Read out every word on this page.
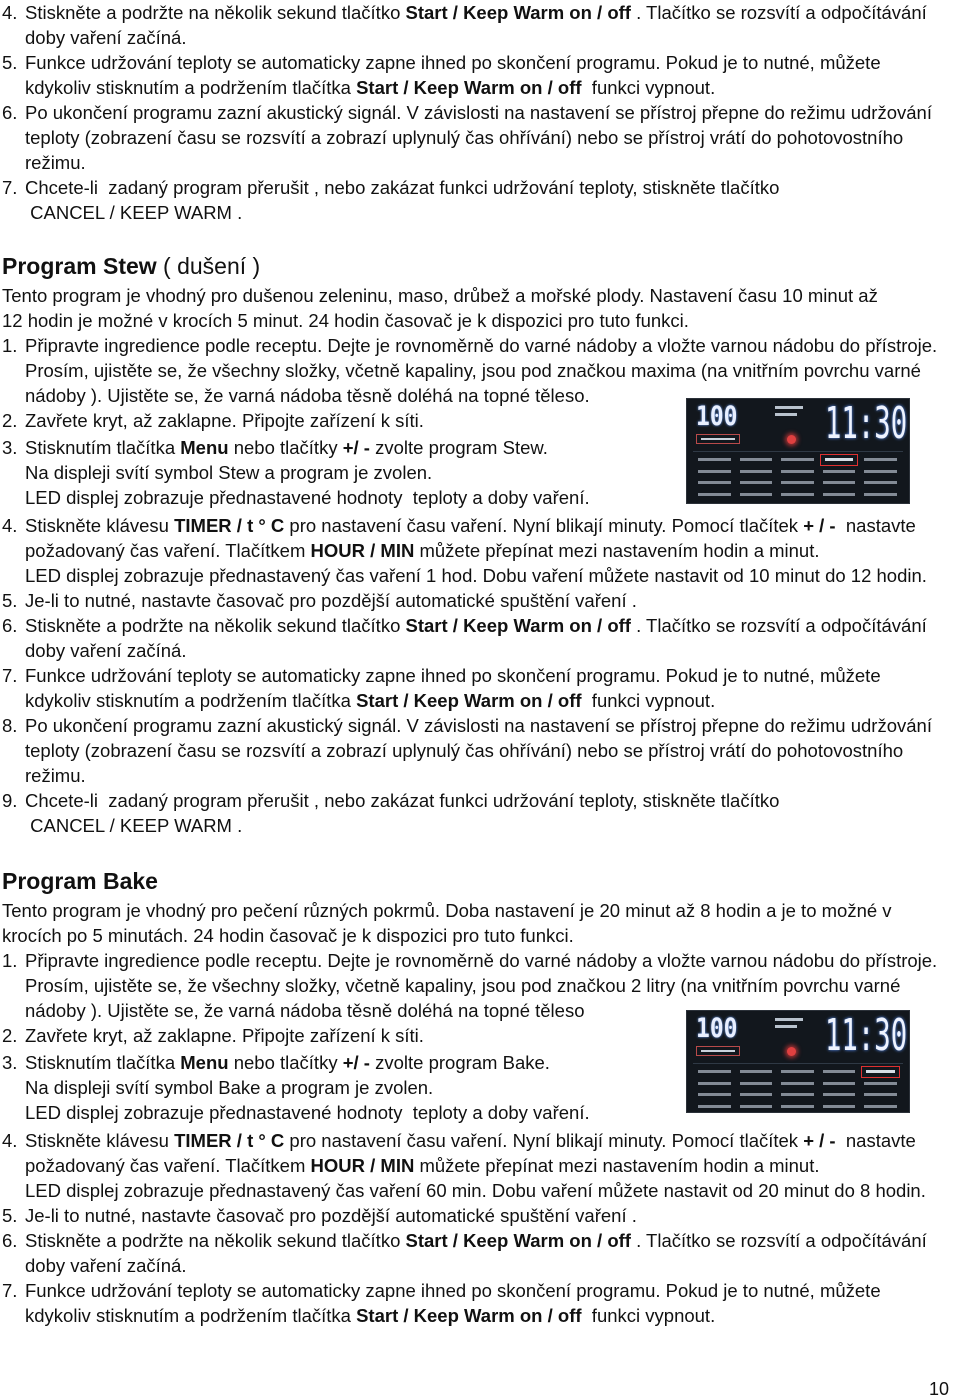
4. Stiskněte a podržte na několik sekund tlačítko Start / Keep Warm on / off . Tlačítko se rozsvítí a odpočítávání
doby vaření začíná.
5. Funkce udržování teploty se automaticky zapne ihned po skončení programu. Pokud je to nutné, můžete
kdykoliv stisknutím a podržením tlačítka Start / Keep Warm on / off  funkci vypnout.
6. Po ukončení programu zazní akustický signál. V závislosti na nastavení se přístroj přepne do režimu udržování
teploty (zobrazení času se rozsvítí a zobrazí uplynulý čas ohřívání) nebo se přístroj vrátí do pohotovostního
režimu.
7. Chcete-li  zadaný program přerušit , nebo zakázat funkci udržování teploty, stiskněte tlačítko
CANCEL / KEEP WARM .
Program Stew ( dušení )
Tento program je vhodný pro dušenou zeleninu, maso, drůbež a mořské plody. Nastavení času 10 minut až
12 hodin je možné v krocích 5 minut. 24 hodin časovač je k dispozici pro tuto funkci.
1. Připravte ingredience podle receptu. Dejte je rovnoměrně do varné nádoby a vložte varnou nádobu do přístroje.
Prosím, ujistěte se, že všechny složky, včetně kapaliny, jsou pod značkou maxima (na vnitřním povrchu varné
nádoby ). Ujistěte se, že varná nádoba těsně doléhá na topné těleso.
2. Zavřete kryt, až zaklapne. Připojte zařízení k síti.
3. Stisknutím tlačítka Menu nebo tlačítky +/ - zvolte program Stew.
Na displeji svítí symbol Stew a program je zvolen.
LED displej zobrazuje přednastavené hodnoty  teploty a doby vaření.
4. Stiskněte klávesu TIMER / t ° C pro nastavení času vaření. Nyní blikají minuty. Pomocí tlačítek + / -  nastavte
požadovaný čas vaření. Tlačítkem HOUR / MIN můžete přepínat mezi nastavením hodin a minut.
LED displej zobrazuje přednastavený čas vaření 1 hod. Dobu vaření můžete nastavit od 10 minut do 12 hodin.
5. Je-li to nutné, nastavte časovač pro pozdější automatické spuštění vaření .
6. Stiskněte a podržte na několik sekund tlačítko Start / Keep Warm on / off . Tlačítko se rozsvítí a odpočítávání
doby vaření začíná.
7. Funkce udržování teploty se automaticky zapne ihned po skončení programu. Pokud je to nutné, můžete
kdykoliv stisknutím a podržením tlačítka Start / Keep Warm on / off  funkci vypnout.
8. Po ukončení programu zazní akustický signál. V závislosti na nastavení se přístroj přepne do režimu udržování
teploty (zobrazení času se rozsvítí a zobrazí uplynulý čas ohřívání) nebo se přístroj vrátí do pohotovostního
režimu.
9. Chcete-li  zadaný program přerušit , nebo zakázat funkci udržování teploty, stiskněte tlačítko
CANCEL / KEEP WARM .
Program Bake
Tento program je vhodný pro pečení různých pokrmů. Doba nastavení je 20 minut až 8 hodin a je to možné v
krocích po 5 minutách. 24 hodin časovač je k dispozici pro tuto funkci.
1. Připravte ingredience podle receptu. Dejte je rovnoměrně do varné nádoby a vložte varnou nádobu do přístroje.
Prosím, ujistěte se, že všechny složky, včetně kapaliny, jsou pod značkou 2 litry (na vnitřním povrchu varné
nádoby ). Ujistěte se, že varná nádoba těsně doléhá na topné těleso
2. Zavřete kryt, až zaklapne. Připojte zařízení k síti.
3. Stisknutím tlačítka Menu nebo tlačítky +/ - zvolte program Bake.
Na displeji svítí symbol Bake a program je zvolen.
LED displej zobrazuje přednastavené hodnoty  teploty a doby vaření.
4. Stiskněte klávesu TIMER / t ° C pro nastavení času vaření. Nyní blikají minuty. Pomocí tlačítek + / -  nastavte
požadovaný čas vaření. Tlačítkem HOUR / MIN můžete přepínat mezi nastavením hodin a minut.
LED displej zobrazuje přednastavený čas vaření 60 min. Dobu vaření můžete nastavit od 20 minut do 8 hodin.
5. Je-li to nutné, nastavte časovač pro pozdější automatické spuštění vaření .
6. Stiskněte a podržte na několik sekund tlačítko Start / Keep Warm on / off . Tlačítko se rozsvítí a odpočítávání
doby vaření začíná.
7. Funkce udržování teploty se automaticky zapne ihned po skončení programu. Pokud je to nutné, můžete
kdykoliv stisknutím a podržením tlačítka Start / Keep Warm on / off  funkci vypnout.
100 11:30
100 11:30
10
